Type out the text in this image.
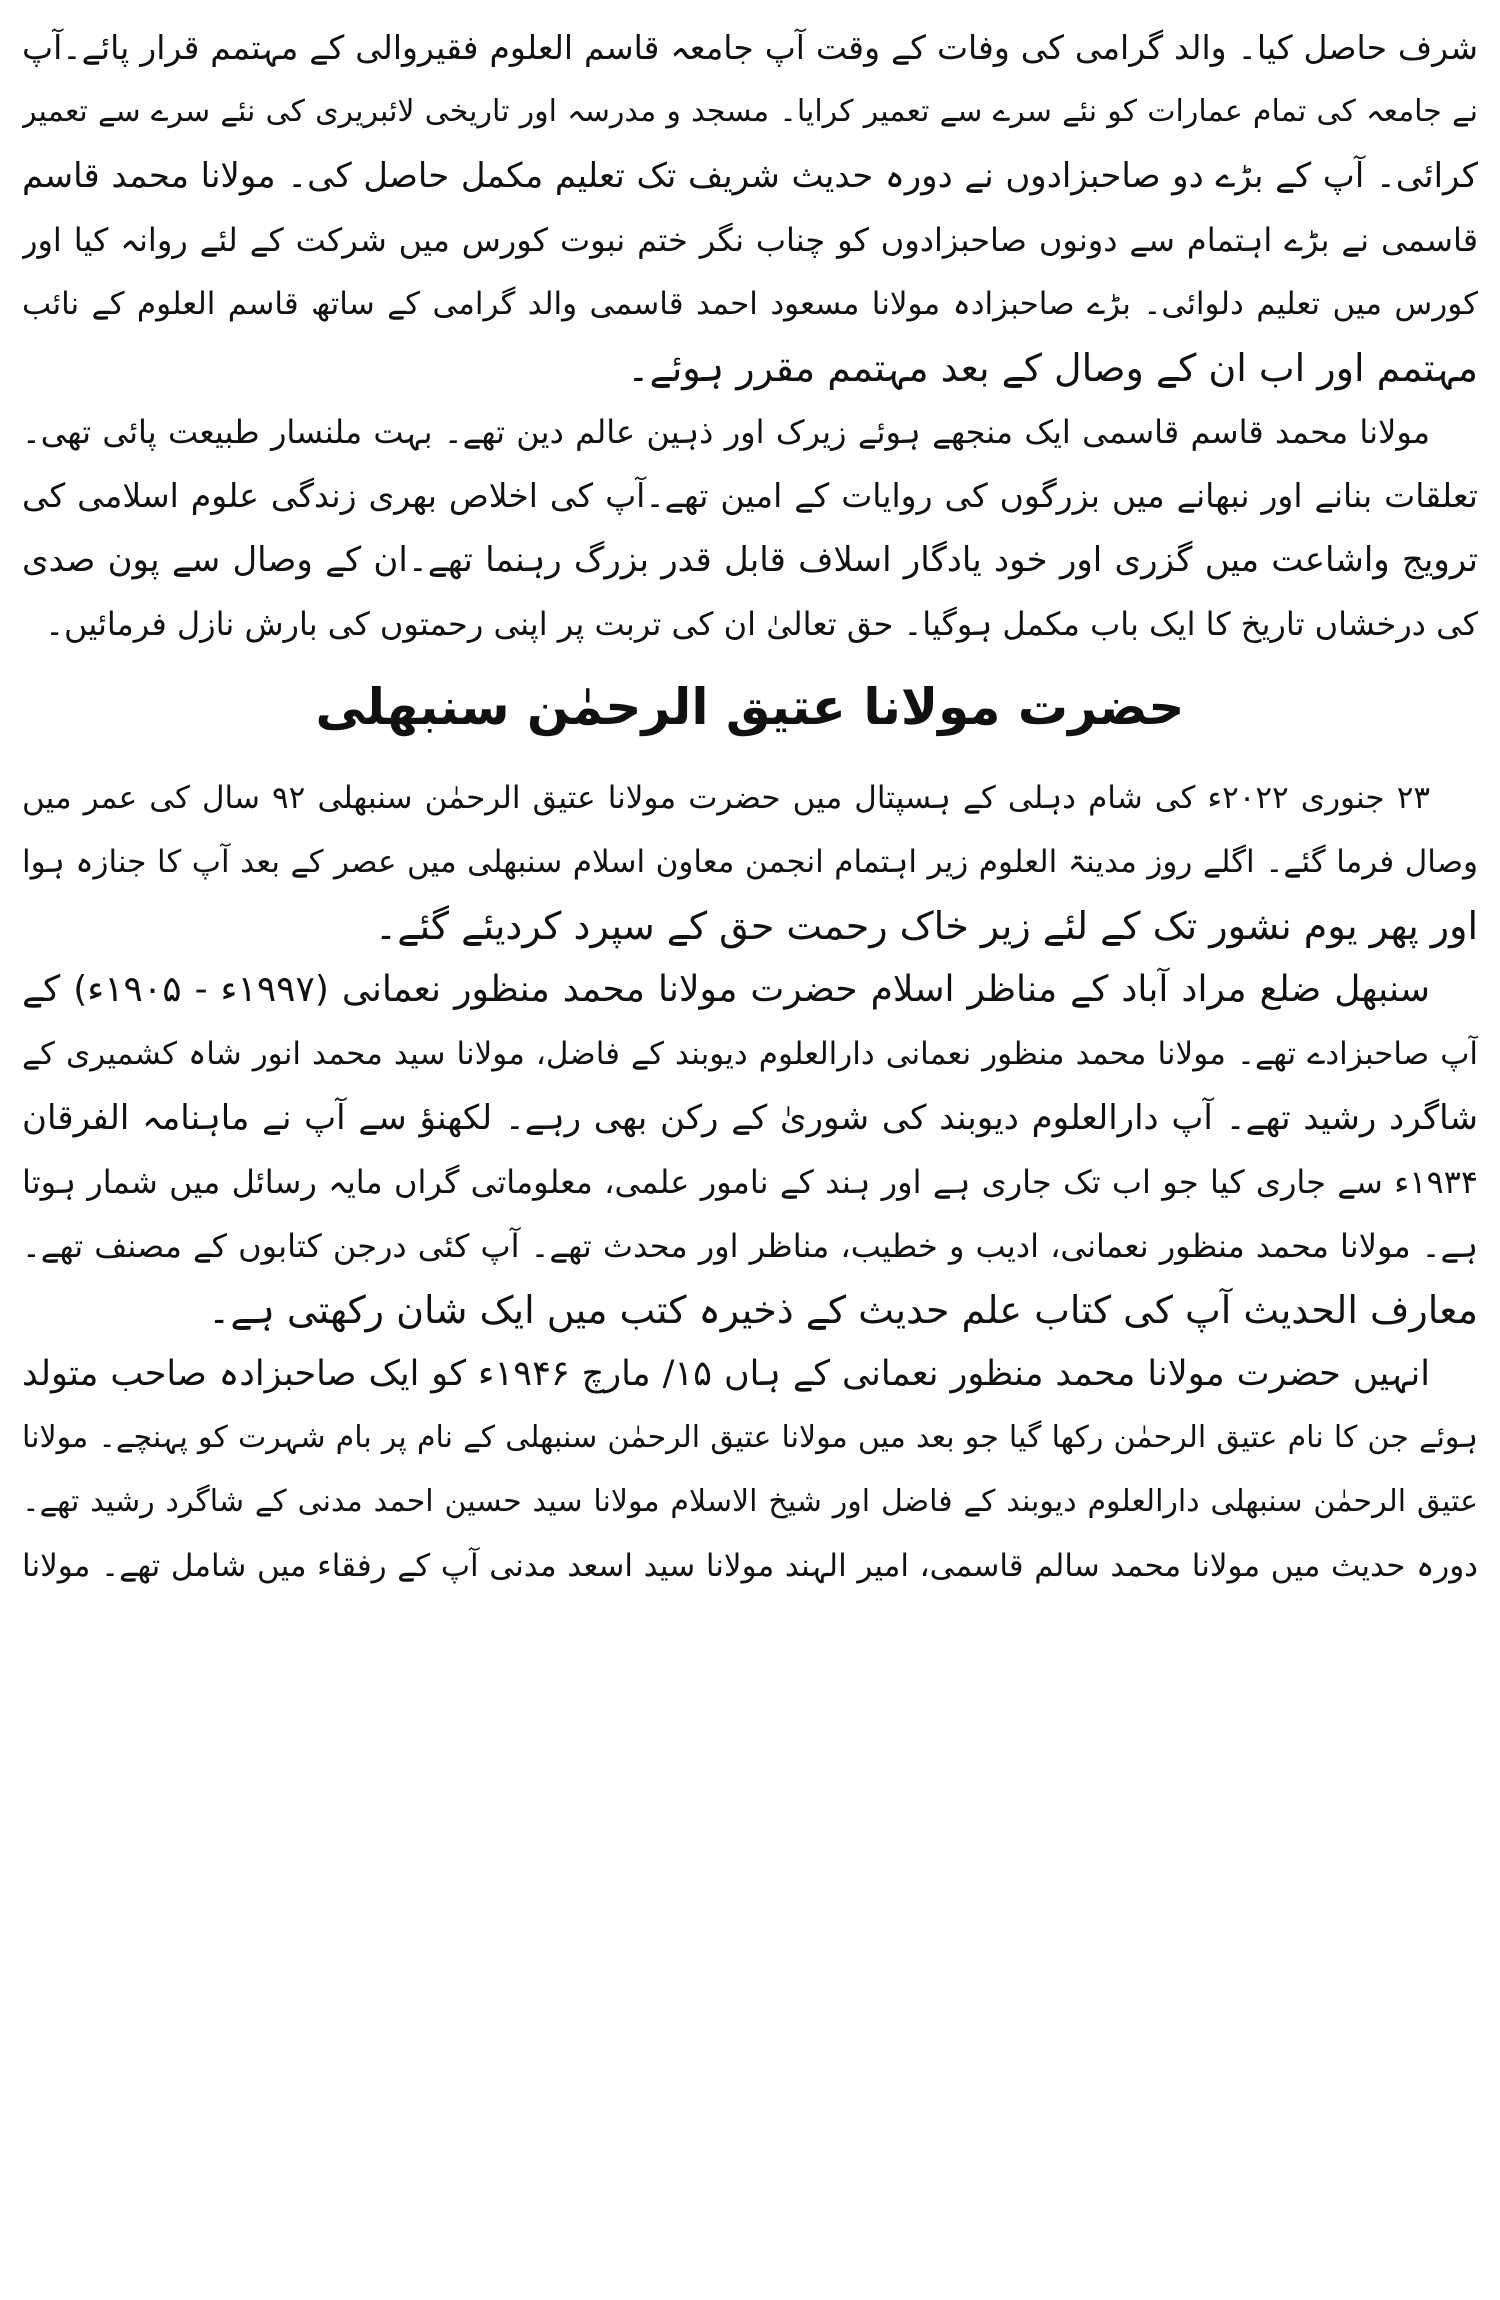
شرف حاصل کیا۔ والد گرامی کی وفات کے وقت آپ جامعہ قاسم العلوم فقیروالی کے مہتمم قرار پائے۔آپ
نے جامعہ کی تمام عمارات کو نئے سرے سے تعمیر کرایا۔ مسجد و مدرسہ اور تاریخی لائبریری کی نئے سرے سے تعمیر
کرائی۔ آپ کے بڑے دو صاحبزادوں نے دورہ حدیث شریف تک تعلیم مکمل حاصل کی۔ مولانا محمد قاسم
قاسمی نے بڑے اہتمام سے دونوں صاحبزادوں کو چناب نگر ختم نبوت کورس میں شرکت کے لئے روانہ کیا اور
کورس میں تعلیم دلوائی۔ بڑے صاحبزادہ مولانا مسعود احمد قاسمی والد گرامی کے ساتھ قاسم العلوم کے نائب
مہتمم اور اب ان کے وصال کے بعد مہتمم مقرر ہوئے۔
مولانا محمد قاسم قاسمی ایک منجھے ہوئے زیرک اور ذہین عالم دین تھے۔ بہت ملنسار طبیعت پائی تھی۔
تعلقات بنانے اور نبھانے میں بزرگوں کی روایات کے امین تھے۔آپ کی اخلاص بھری زندگی علوم اسلامی کی
ترویج واشاعت میں گزری اور خود یادگار اسلاف قابل قدر بزرگ رہنما تھے۔ان کے وصال سے پون صدی
کی درخشاں تاریخ کا ایک باب مکمل ہوگیا۔ حق تعالیٰ ان کی تربت پر اپنی رحمتوں کی بارش نازل فرمائیں۔
حضرت مولانا عتیق الرحمٰن سنبھلی
۲۳ جنوری ۲۰۲۲ء کی شام دہلی کے ہسپتال میں حضرت مولانا عتیق الرحمٰن سنبھلی ۹۲ سال کی عمر میں
وصال فرما گئے۔ اگلے روز مدینۃ العلوم زیر اہتمام انجمن معاون اسلام سنبھلی میں عصر کے بعد آپ کا جنازہ ہوا
اور پھر یوم نشور تک کے لئے زیر خاک رحمت حق کے سپرد کردیئے گئے۔
سنبھل ضلع مراد آباد کے مناظر اسلام حضرت مولانا محمد منظور نعمانی (۱۹۹۷ء - ۱۹۰۵ء) کے
آپ صاحبزادے تھے۔ مولانا محمد منظور نعمانی دارالعلوم دیوبند کے فاضل، مولانا سید محمد انور شاہ کشمیری کے
شاگرد رشید تھے۔ آپ دارالعلوم دیوبند کی شوریٰ کے رکن بھی رہے۔ لکھنؤ سے آپ نے ماہنامہ الفرقان
۱۹۳۴ء سے جاری کیا جو اب تک جاری ہے اور ہند کے نامور علمی، معلوماتی گراں مایہ رسائل میں شمار ہوتا
ہے۔ مولانا محمد منظور نعمانی، ادیب و خطیب، مناظر اور محدث تھے۔ آپ کئی درجن کتابوں کے مصنف تھے۔
معارف الحدیث آپ کی کتاب علم حدیث کے ذخیرہ کتب میں ایک شان رکھتی ہے۔
انہیں حضرت مولانا محمد منظور نعمانی کے ہاں ۱۵/ مارچ ۱۹۴۶ء کو ایک صاحبزادہ صاحب متولد
ہوئے جن کا نام عتیق الرحمٰن رکھا گیا جو بعد میں مولانا عتیق الرحمٰن سنبھلی کے نام پر بام شہرت کو پہنچے۔ مولانا
عتیق الرحمٰن سنبھلی دارالعلوم دیوبند کے فاضل اور شیخ الاسلام مولانا سید حسین احمد مدنی کے شاگرد رشید تھے۔
دورہ حدیث میں مولانا محمد سالم قاسمی، امیر الہند مولانا سید اسعد مدنی آپ کے رفقاء میں شامل تھے۔ مولانا
